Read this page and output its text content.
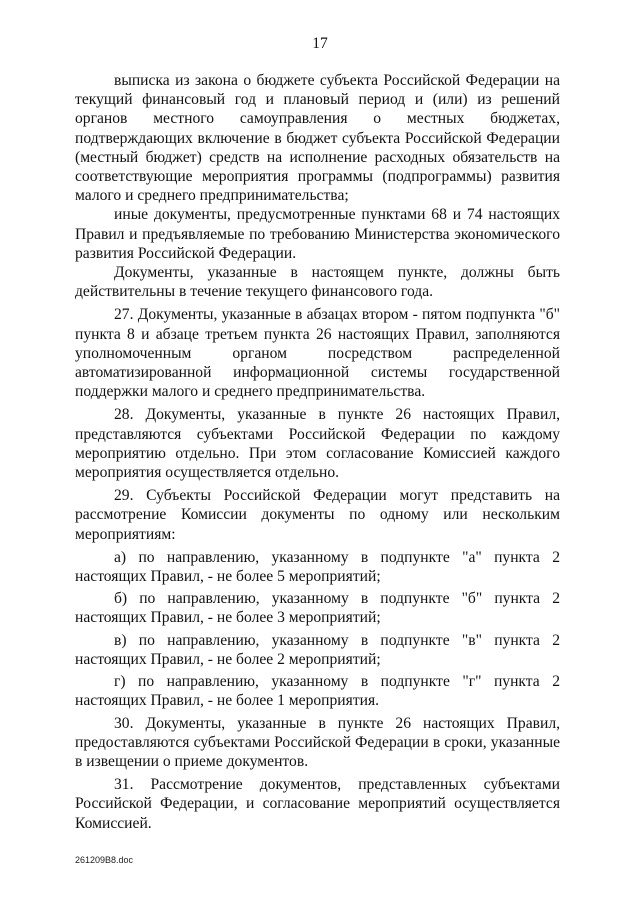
17

выписка из закона о бюджете субъекта Российской Федерации на текущий финансовый год и плановый период и (или) из решений органов местного самоуправления о местных бюджетах, подтверждающих включение в бюджет субъекта Российской Федерации (местный бюджет) средств на исполнение расходных обязательств на соответствующие мероприятия программы (подпрограммы) развития малого и среднего предпринимательства;

иные документы, предусмотренные пунктами 68 и 74 настоящих Правил и предъявляемые по требованию Министерства экономического развития Российской Федерации.

Документы, указанные в настоящем пункте, должны быть действительны в течение текущего финансового года.

27. Документы, указанные в абзацах втором - пятом подпункта "б" пункта 8 и абзаце третьем пункта 26 настоящих Правил, заполняются уполномоченным органом посредством распределенной автоматизированной информационной системы государственной поддержки малого и среднего предпринимательства.

28. Документы, указанные в пункте 26 настоящих Правил, представляются субъектами Российской Федерации по каждому мероприятию отдельно. При этом согласование Комиссией каждого мероприятия осуществляется отдельно.

29. Субъекты Российской Федерации могут представить на рассмотрение Комиссии документы по одному или нескольким мероприятиям:

а) по направлению, указанному в подпункте "а" пункта 2 настоящих Правил, - не более 5 мероприятий;

б) по направлению, указанному в подпункте "б" пункта 2 настоящих Правил, - не более 3 мероприятий;

в) по направлению, указанному в подпункте "в" пункта 2 настоящих Правил, - не более 2 мероприятий;

г) по направлению, указанному в подпункте "г" пункта 2 настоящих Правил, - не более 1 мероприятия.

30. Документы, указанные в пункте 26 настоящих Правил, предоставляются субъектами Российской Федерации в сроки, указанные в извещении о приеме документов.

31. Рассмотрение документов, представленных субъектами Российской Федерации, и согласование мероприятий осуществляется Комиссией.

261209В8.doc
